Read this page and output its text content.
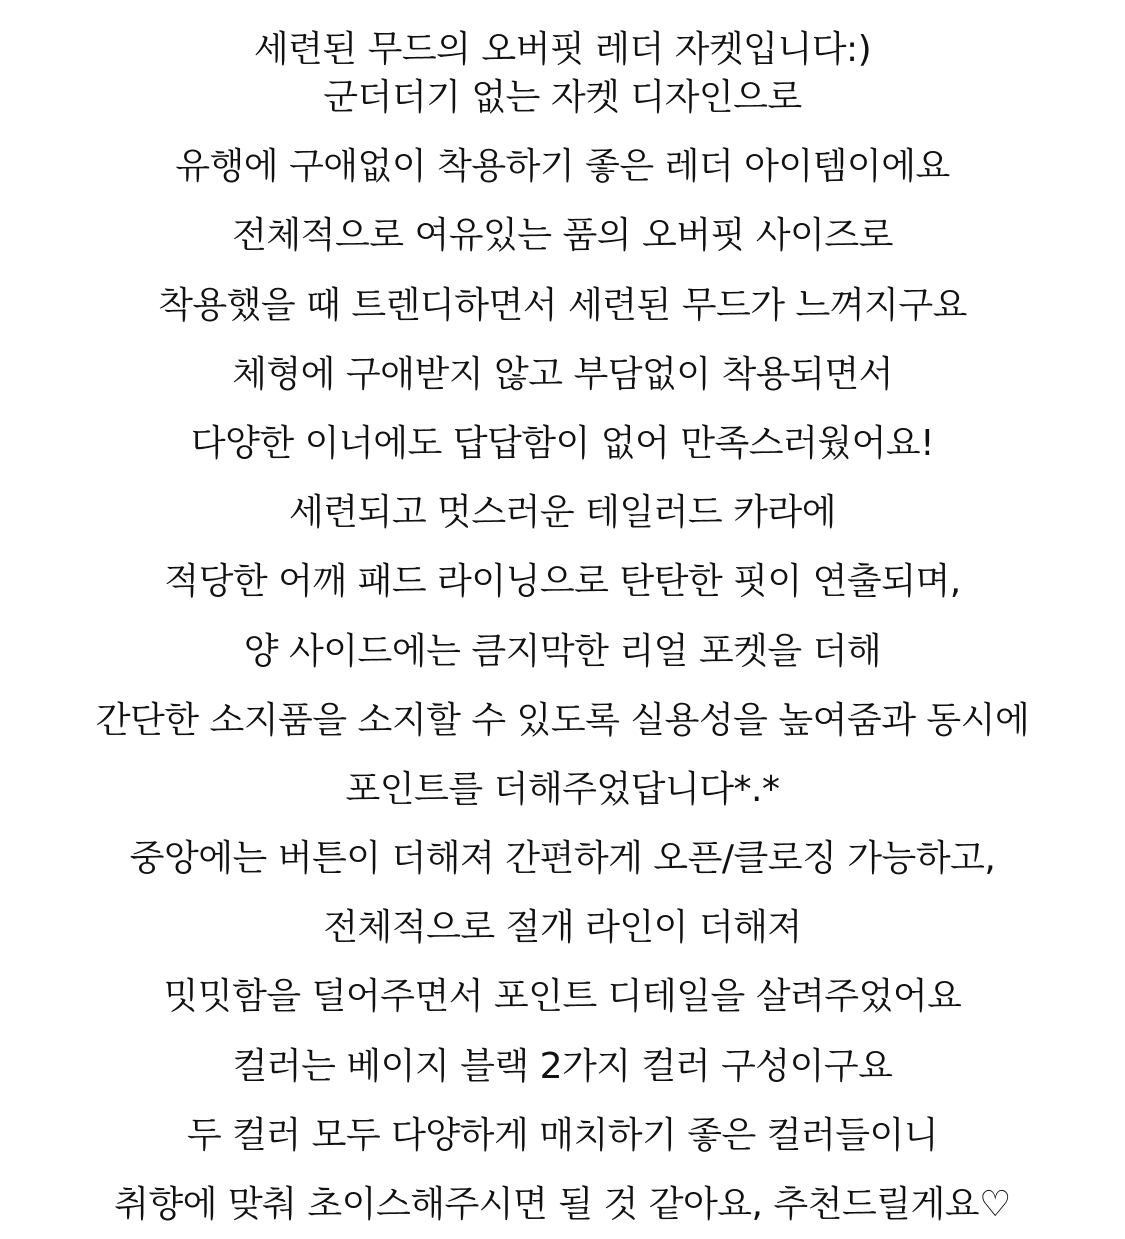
세련된 무드의 오버핏 레더 자켓입니다:)
군더더기 없는 자켓 디자인으로
유행에 구애없이 착용하기 좋은 레더 아이템이에요
전체적으로 여유있는 품의 오버핏 사이즈로
착용했을 때 트렌디하면서 세련된 무드가 느껴지구요
체형에 구애받지 않고 부담없이 착용되면서
다양한 이너에도 답답함이 없어 만족스러웠어요!
세련되고 멋스러운 테일러드 카라에
적당한 어깨 패드 라이닝으로 탄탄한 핏이 연출되며,
양 사이드에는 큼지막한 리얼 포켓을 더해
간단한 소지품을 소지할 수 있도록 실용성을 높여줌과 동시에
포인트를 더해주었답니다*.*
중앙에는 버튼이 더해져 간편하게 오픈/클로징 가능하고,
전체적으로 절개 라인이 더해져
밋밋함을 덜어주면서 포인트 디테일을 살려주었어요
컬러는 베이지 블랙 2가지 컬러 구성이구요
두 컬러 모두 다양하게 매치하기 좋은 컬러들이니
취향에 맞춰 초이스해주시면 될 것 같아요, 추천드릴게요♡
